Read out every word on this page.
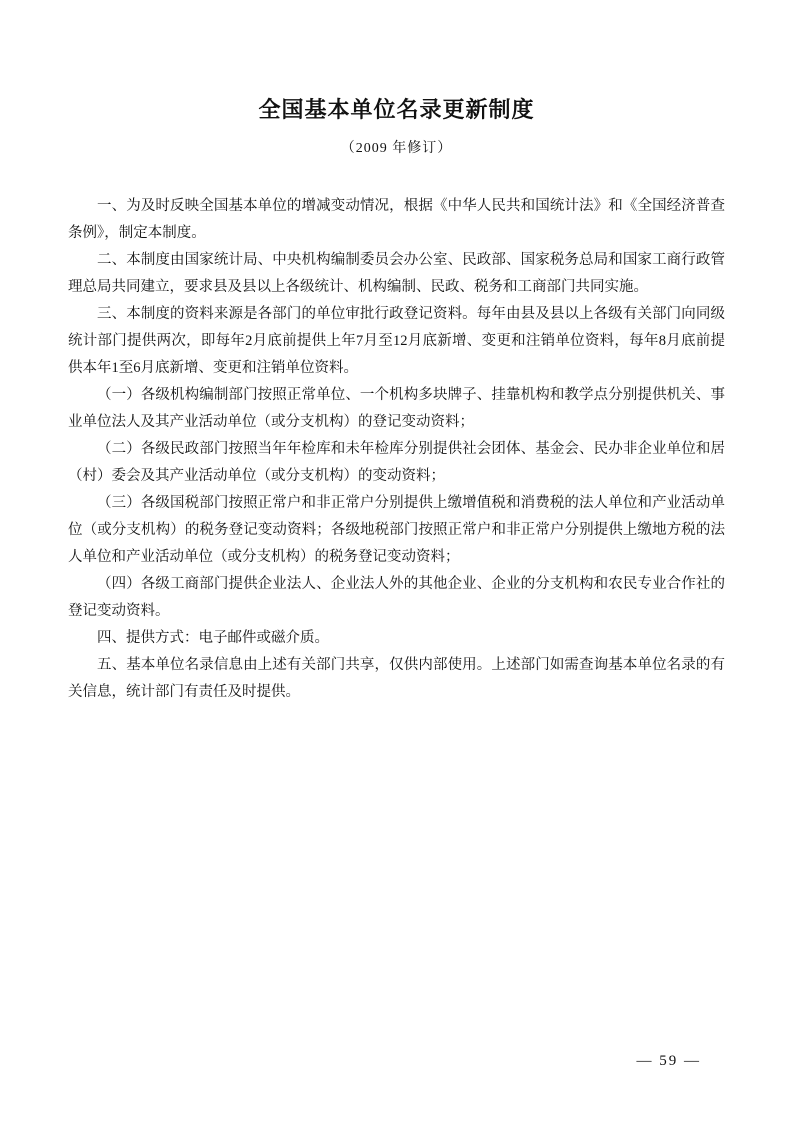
全国基本单位名录更新制度
（2009 年修订）

一、为及时反映全国基本单位的增减变动情况，根据《中华人民共和国统计法》和《全国经济普查条例》，制定本制度。

二、本制度由国家统计局、中央机构编制委员会办公室、民政部、国家税务总局和国家工商行政管理总局共同建立，要求县及县以上各级统计、机构编制、民政、税务和工商部门共同实施。

三、本制度的资料来源是各部门的单位审批行政登记资料。每年由县及县以上各级有关部门向同级统计部门提供两次，即每年2月底前提供上年7月至12月底新增、变更和注销单位资料，每年8月底前提供本年1至6月底新增、变更和注销单位资料。

（一）各级机构编制部门按照正常单位、一个机构多块牌子、挂靠机构和教学点分别提供机关、事业单位法人及其产业活动单位（或分支机构）的登记变动资料；

（二）各级民政部门按照当年年检库和未年检库分别提供社会团体、基金会、民办非企业单位和居（村）委会及其产业活动单位（或分支机构）的变动资料；

（三）各级国税部门按照正常户和非正常户分别提供上缴增值税和消费税的法人单位和产业活动单位（或分支机构）的税务登记变动资料；各级地税部门按照正常户和非正常户分别提供上缴地方税的法人单位和产业活动单位（或分支机构）的税务登记变动资料；

（四）各级工商部门提供企业法人、企业法人外的其他企业、企业的分支机构和农民专业合作社的登记变动资料。

四、提供方式：电子邮件或磁介质。

五、基本单位名录信息由上述有关部门共享，仅供内部使用。上述部门如需查询基本单位名录的有关信息，统计部门有责任及时提供。

— 59 —
